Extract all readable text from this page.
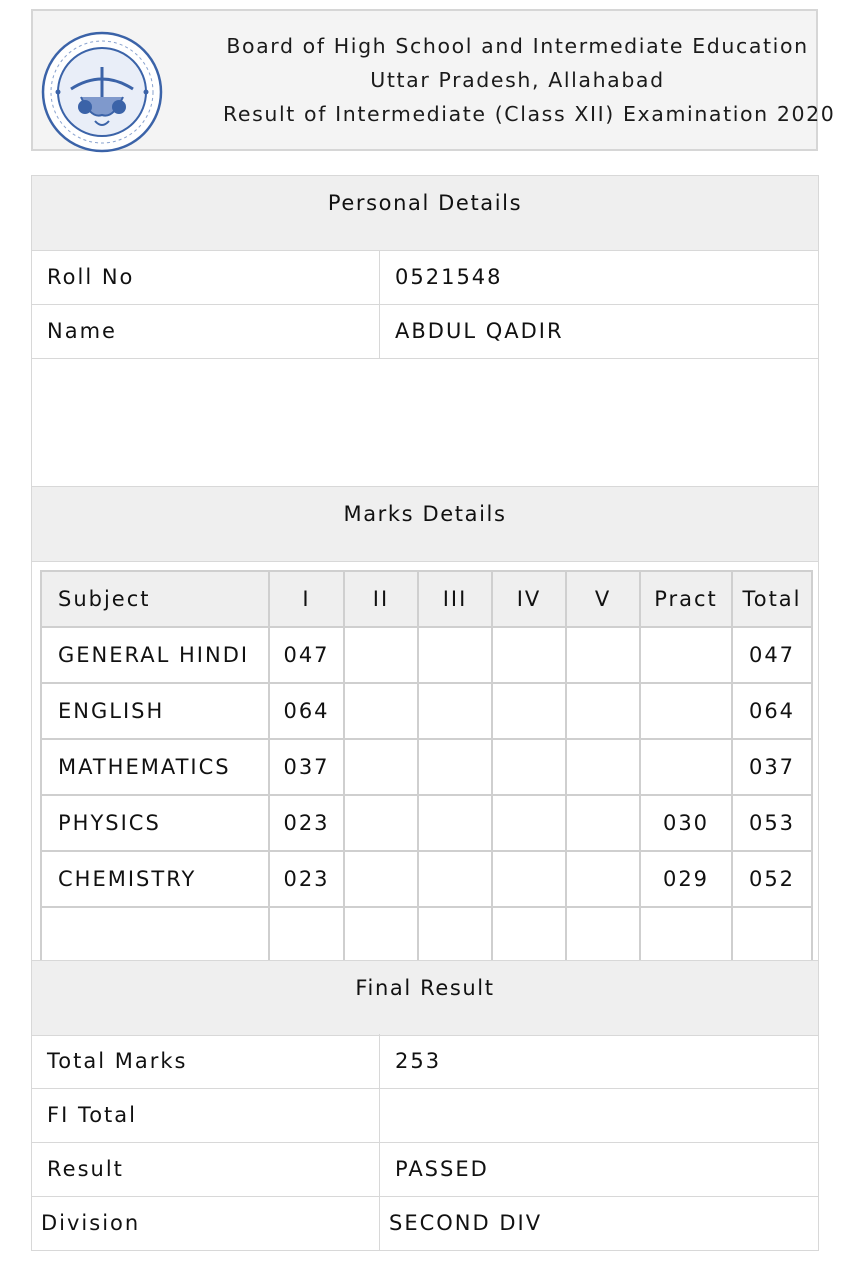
Board of High School and Intermediate Education
Uttar Pradesh, Allahabad
Result of Intermediate (Class XII) Examination 2020
Personal Details
Roll No	0521548
Name	ABDUL QADIR
Marks Details
Subject	I	II	III	IV	V	Pract	Total
GENERAL HINDI	047						047
ENGLISH	064						064
MATHEMATICS	037						037
PHYSICS	023					030	053
CHEMISTRY	023					029	052

Final Result
Total Marks	253
FI Total
Result	PASSED
Division	SECOND DIV
